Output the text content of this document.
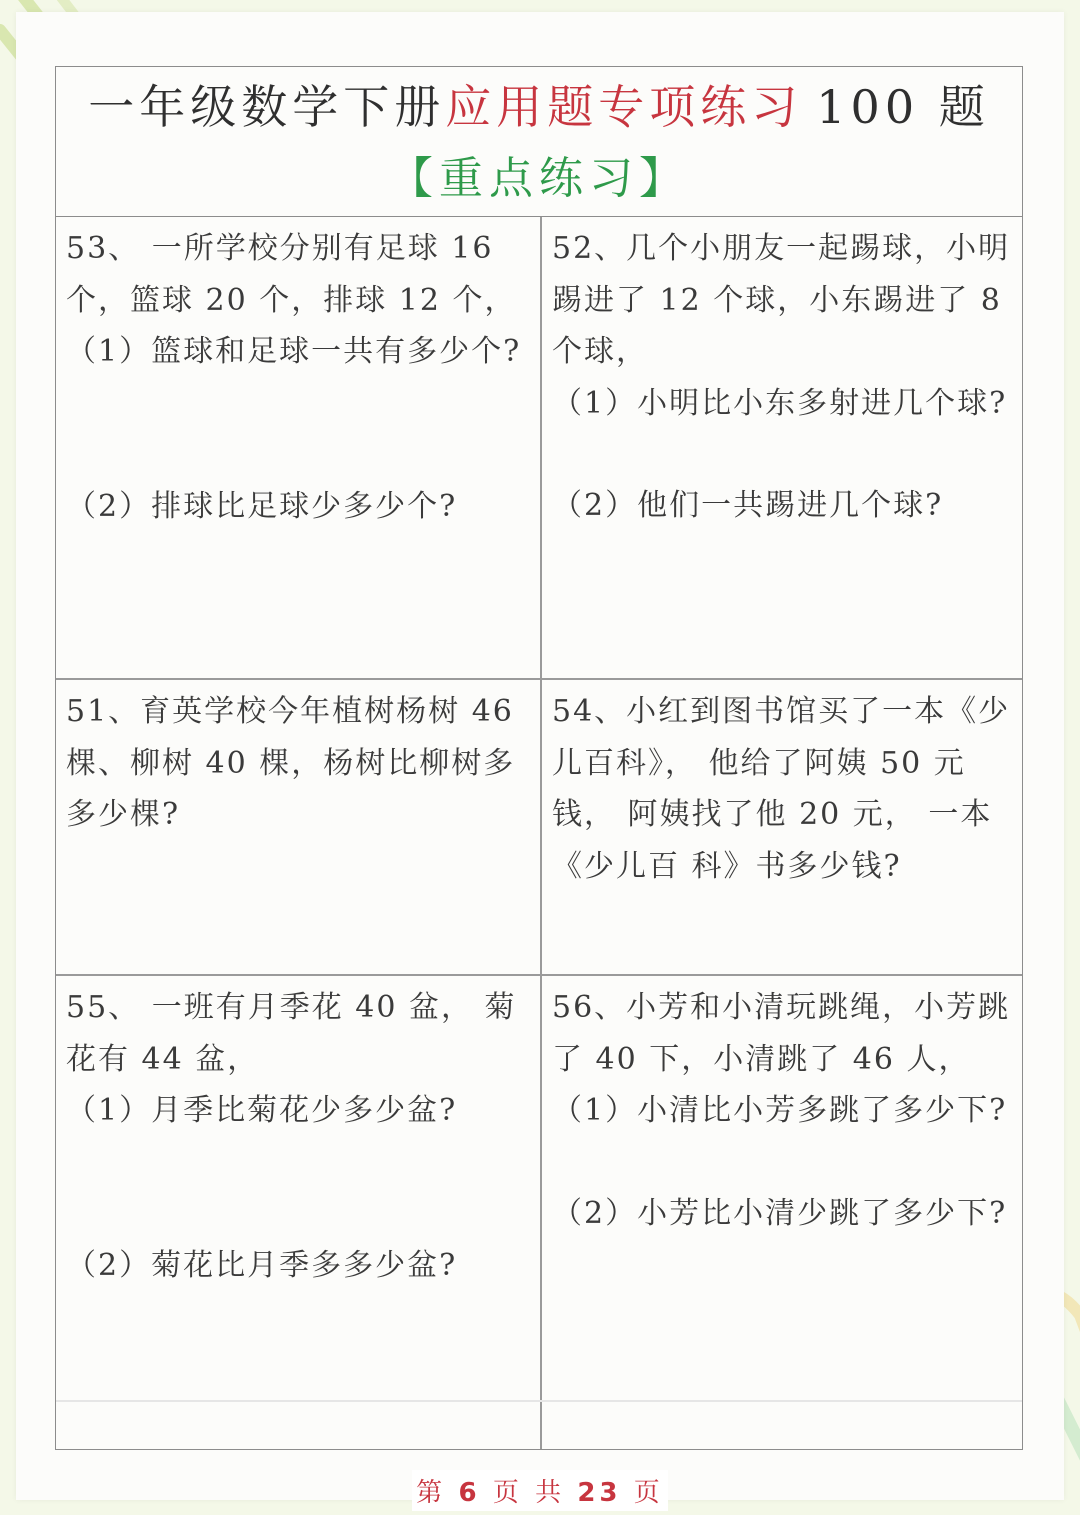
一年级数学下册应用题专项练习 100 题
【重点练习】

53、 一所学校分别有足球 16个，篮球 20 个，排球 12 个，

（1）篮球和足球一共有多少个?

（2）排球比足球少多少个?

52、几个小朋友一起踢球，小明踢进了 12 个球，小东踢进了 8 个球，

（1）小明比小东多射进几个球?

（2）他们一共踢进几个球?

51、育英学校今年植树杨树 46 棵、柳树 40 棵，杨树比柳树多多少棵?

54、小红到图书馆买了一本《少儿百科》， 他给了阿姨 50 元钱， 阿姨找了他 20 元， 一本《少儿百 科》书多少钱?

55、 一班有月季花 40 盆， 菊花有 44 盆，

（1）月季比菊花少多少盆?

（2）菊花比月季多多少盆?

56、小芳和小清玩跳绳，小芳跳了 40 下，小清跳了 46 人，

（1）小清比小芳多跳了多少下?

（2）小芳比小清少跳了多少下?

第 6 页 共 23 页
